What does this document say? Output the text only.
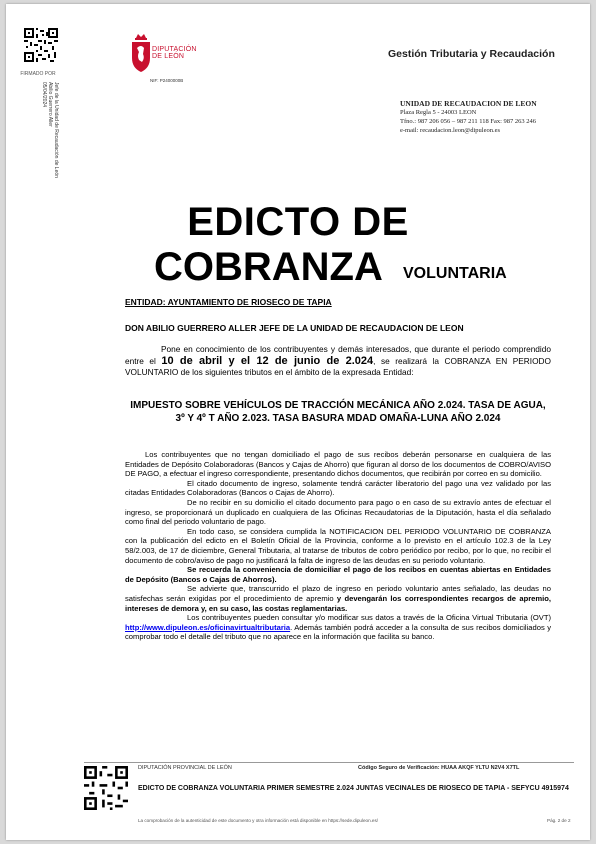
FIRMADO POR
Abilio Guerrero Aller Jefe de la Unidad de Recaudación de León
05/04/2024
DIPUTACIÓN
DE LEÓN
NIF: P2400000B
Gestión Tributaria y Recaudación
UNIDAD DE RECAUDACION DE LEON
Plaza Regla 5 - 24003 LEON
Tfno.: 987 206 056 – 987 211 118 Fax: 987 263 246
e-mail: recaudacion.leon@dipuleon.es
EDICTO DE
COBRANZA VOLUNTARIA
ENTIDAD: AYUNTAMIENTO DE RIOSECO DE TAPIA
DON ABILIO GUERRERO ALLER JEFE DE LA UNIDAD DE RECAUDACION DE LEON
Pone en conocimiento de los contribuyentes y demás interesados, que durante el periodo comprendido entre el 10 de abril y el 12 de junio de 2.024, se realizará la COBRANZA EN PERIODO VOLUNTARIO de los siguientes tributos en el ámbito de la expresada Entidad:
IMPUESTO SOBRE VEHÍCULOS DE TRACCIÓN MECÁNICA AÑO 2.024. TASA DE AGUA, 3º Y 4º T AÑO 2.023. TASA BASURA MDAD OMAÑA-LUNA AÑO 2.024

Los contribuyentes que no tengan domiciliado el pago de sus recibos deberán personarse en cualquiera de las Entidades de Depósito Colaboradoras (Bancos y Cajas de Ahorro) que figuran al dorso de los documentos de COBRO/AVISO DE PAGO, a efectuar el ingreso correspondiente, presentando dichos documentos, que recibirán por correo en su domicilio.

El citado documento de ingreso, solamente tendrá carácter liberatorio del pago una vez validado por las citadas Entidades Colaboradoras (Bancos o Cajas de Ahorro).

De no recibir en su domicilio el citado documento para pago o en caso de su extravío antes de efectuar el ingreso, se proporcionará un duplicado en cualquiera de las Oficinas Recaudatorias de la Diputación, hasta el día señalado como final del periodo voluntario de pago.

En todo caso, se considera cumplida la NOTIFICACION DEL PERIODO VOLUNTARIO DE COBRANZA con la publicación del edicto en el Boletín Oficial de la Provincia, conforme a lo previsto en el artículo 102.3 de la Ley 58/2.003, de 17 de diciembre, General Tributaria, al tratarse de tributos de cobro periódico por recibo, por lo que, no recibir el documento de cobro/aviso de pago no justificará la falta de ingreso de las deudas en su periodo voluntario.

Se recuerda la conveniencia de domiciliar el pago de los recibos en cuentas abiertas en Entidades de Depósito (Bancos o Cajas de Ahorros).

Se advierte que, transcurrido el plazo de ingreso en periodo voluntario antes señalado, las deudas no satisfechas serán exigidas por el procedimiento de apremio y devengarán los correspondientes recargos de apremio, intereses de demora y, en su caso, las costas reglamentarias.

Los contribuyentes pueden consultar y/o modificar sus datos a través de la Oficina Virtual Tributaria (OVT) http://www.dipuleon.es/oficinavirtualtributaria. Además también podrá acceder a la consulta de sus recibos domiciliados y comprobar todo el detalle del tributo que no aparece en la información que facilita su banco.

DIPUTACIÓN PROVINCIAL DE LEÓN	Código Seguro de Verificación: HUAA AKQF YLTU N2V4 X7TL
EDICTO DE COBRANZA VOLUNTARIA PRIMER SEMESTRE 2.024 JUNTAS VECINALES DE RIOSECO DE TAPIA - SEFYCU 4915974
La comprobación de la autenticidad de este documento y otra información está disponible en https://sede.dipuleon.es/	Pág. 2 de 2
